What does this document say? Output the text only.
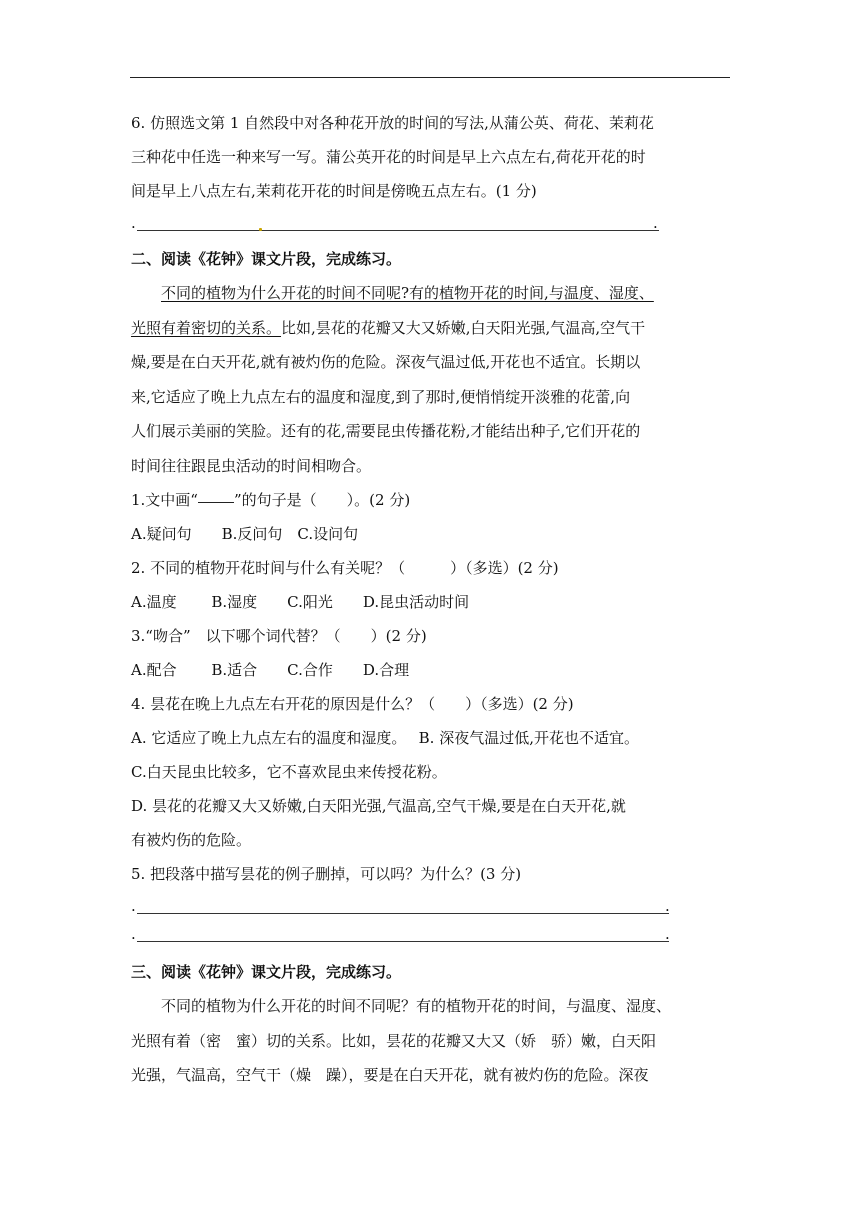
6. 仿照选文第 1 自然段中对各种花开放的时间的写法,从蒲公英、荷花、茉莉花
三种花中任选一种来写一写。蒲公英开花的时间是早上六点左右,荷花开花的时
间是早上八点左右,茉莉花开花的时间是傍晚五点左右。(1 分)
.	.
二、阅读《花钟》课文片段，完成练习。
不同的植物为什么开花的时间不同呢?有的植物开花的时间,与温度、湿度、
光照有着密切的关系。比如,昙花的花瓣又大又娇嫩,白天阳光强,气温高,空气干
燥,要是在白天开花,就有被灼伤的危险。深夜气温过低,开花也不适宜。长期以
来,它适应了晚上九点左右的温度和湿度,到了那时,便悄悄绽开淡雅的花蕾,向
人们展示美丽的笑脸。还有的花,需要昆虫传播花粉,才能结出种子,它们开花的
时间往往跟昆虫活动的时间相吻合。
1.文中画“ ”的句子是（　　）。(2 分)
A.疑问句　　B.反问句　C.设问句
2. 不同的植物开花时间与什么有关呢？（　　　）（多选）(2 分)
A.温度　　 B.湿度　　C.阳光　　D.昆虫活动时间
3.“吻合”　以下哪个词代替？（　　）(2 分)
A.配合　　 B.适合　　C.合作　　D.合理
4. 昙花在晚上九点左右开花的原因是什么？（　　）（多选）(2 分)
A. 它适应了晚上九点左右的温度和湿度。　 B. 深夜气温过低,开花也不适宜。
C.白天昆虫比较多，它不喜欢昆虫来传授花粉。
D. 昙花的花瓣又大又娇嫩,白天阳光强,气温高,空气干燥,要是在白天开花,就
有被灼伤的危险。
5. 把段落中描写昙花的例子删掉，可以吗？为什么？(3 分)
.	.
.	.
三、阅读《花钟》课文片段，完成练习。
不同的植物为什么开花的时间不同呢？有的植物开花的时间，与温度、湿度、
光照有着（密　蜜）切的关系。比如，昙花的花瓣又大又（娇　骄）嫩，白天阳
光强，气温高，空气干（燥　躁），要是在白天开花，就有被灼伤的危险。深夜
